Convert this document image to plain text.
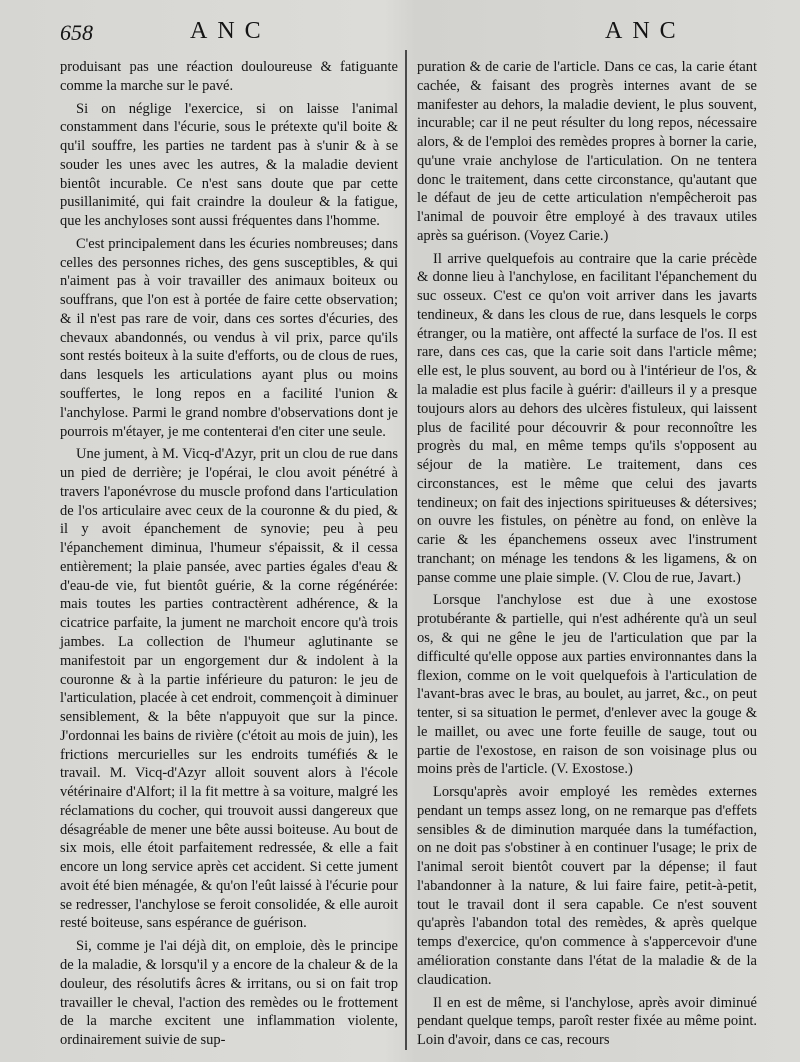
658	ANC	ANC

produisant pas une réaction douloureuse & fatiguante comme la marche sur le pavé.

Si on néglige l'exercice, si on laisse l'animal constamment dans l'écurie, sous le prétexte qu'il boite & qu'il souffre, les parties ne tardent pas à s'unir & à se souder les unes avec les autres, & la maladie devient bientôt incurable. Ce n'est sans doute que par cette pusillanimité, qui fait craindre la douleur & la fatigue, que les anchyloses sont aussi fréquentes dans l'homme.

C'est principalement dans les écuries nombreuses; dans celles des personnes riches, des gens susceptibles, & qui n'aiment pas à voir travailler des animaux boiteux ou souffrans, que l'on est à portée de faire cette observation; & il n'est pas rare de voir, dans ces sortes d'écuries, des chevaux abandonnés, ou vendus à vil prix, parce qu'ils sont restés boiteux à la suite d'efforts, ou de clous de rues, dans lesquels les articulations ayant plus ou moins souffertes, le long repos en a facilité l'union & l'anchylose. Parmi le grand nombre d'observations dont je pourrois m'étayer, je me contenterai d'en citer une seule.

Une jument, à M. Vicq-d'Azyr, prit un clou de rue dans un pied de derrière; je l'opérai, le clou avoit pénétré à travers l'aponévrose du muscle profond dans l'articulation de l'os articulaire avec ceux de la couronne & du pied, & il y avoit épanchement de synovie; peu à peu l'épanchement diminua, l'humeur s'épaissit, & il cessa entièrement; la plaie pansée, avec parties égales d'eau & d'eau-de vie, fut bientôt guérie, & la corne régénérée: mais toutes les parties contractèrent adhérence, & la cicatrice parfaite, la jument ne marchoit encore qu'à trois jambes. La collection de l'humeur aglutinante se manifestoit par un engorgement dur & indolent à la couronne & à la partie inférieure du paturon: le jeu de l'articulation, placée à cet endroit, commençoit à diminuer sensiblement, & la bête n'appuyoit que sur la pince. J'ordonnai les bains de rivière (c'étoit au mois de juin), les frictions mercurielles sur les endroits tuméfiés & le travail. M. Vicq-d'Azyr alloit souvent alors à l'école vétérinaire d'Alfort; il la fit mettre à sa voiture, malgré les réclamations du cocher, qui trouvoit aussi dangereux que désagréable de mener une bête aussi boiteuse. Au bout de six mois, elle étoit parfaitement redressée, & elle a fait encore un long service après cet accident. Si cette jument avoit été bien ménagée, & qu'on l'eût laissé à l'écurie pour se redresser, l'anchylose se feroit consolidée, & elle auroit resté boiteuse, sans espérance de guérison.

Si, comme je l'ai déjà dit, on emploie, dès le principe de la maladie, & lorsqu'il y a encore de la chaleur & de la douleur, des résolutifs âcres & irritans, ou si on fait trop travailler le cheval, l'action des remèdes ou le frottement de la marche excitent une inflammation violente, ordinairement suivie de sup-

puration & de carie de l'article. Dans ce cas, la carie étant cachée, & faisant des progrès internes avant de se manifester au dehors, la maladie devient, le plus souvent, incurable; car il ne peut résulter du long repos, nécessaire alors, & de l'emploi des remèdes propres à borner la carie, qu'une vraie anchylose de l'articulation. On ne tentera donc le traitement, dans cette circonstance, qu'autant que le défaut de jeu de cette articulation n'empêcheroit pas l'animal de pouvoir être employé à des travaux utiles après sa guérison. (Voyez Carie.)

Il arrive quelquefois au contraire que la carie précède & donne lieu à l'anchylose, en facilitant l'épanchement du suc osseux. C'est ce qu'on voit arriver dans les javarts tendineux, & dans les clous de rue, dans lesquels le corps étranger, ou la matière, ont affecté la surface de l'os. Il est rare, dans ces cas, que la carie soit dans l'article même; elle est, le plus souvent, au bord ou à l'intérieur de l'os, & la maladie est plus facile à guérir: d'ailleurs il y a presque toujours alors au dehors des ulcères fistuleux, qui laissent plus de facilité pour découvrir & pour reconnoître les progrès du mal, en même temps qu'ils s'opposent au séjour de la matière. Le traitement, dans ces circonstances, est le même que celui des javarts tendineux; on fait des injections spiritueuses & détersives; on ouvre les fistules, on pénètre au fond, on enlève la carie & les épanchemens osseux avec l'instrument tranchant; on ménage les tendons & les ligamens, & on panse comme une plaie simple. (V. Clou de rue, Javart.)

Lorsque l'anchylose est due à une exostose protubérante & partielle, qui n'est adhérente qu'à un seul os, & qui ne gêne le jeu de l'articulation que par la difficulté qu'elle oppose aux parties environnantes dans la flexion, comme on le voit quelquefois à l'articulation de l'avant-bras avec le bras, au boulet, au jarret, &c., on peut tenter, si sa situation le permet, d'enlever avec la gouge & le maillet, ou avec une forte feuille de sauge, tout ou partie de l'exostose, en raison de son voisinage plus ou moins près de l'article. (V. Exostose.)

Lorsqu'après avoir employé les remèdes externes pendant un temps assez long, on ne remarque pas d'effets sensibles & de diminution marquée dans la tuméfaction, on ne doit pas s'obstiner à en continuer l'usage; le prix de l'animal seroit bientôt couvert par la dépense; il faut l'abandonner à la nature, & lui faire faire, petit-à-petit, tout le travail dont il sera capable. Ce n'est souvent qu'après l'abandon total des remèdes, & après quelque temps d'exercice, qu'on commence à s'appercevoir d'une amélioration constante dans l'état de la maladie & de la claudication.

Il en est de même, si l'anchylose, après avoir diminué pendant quelque temps, paroît rester fixée au même point. Loin d'avoir, dans ce cas, recours
